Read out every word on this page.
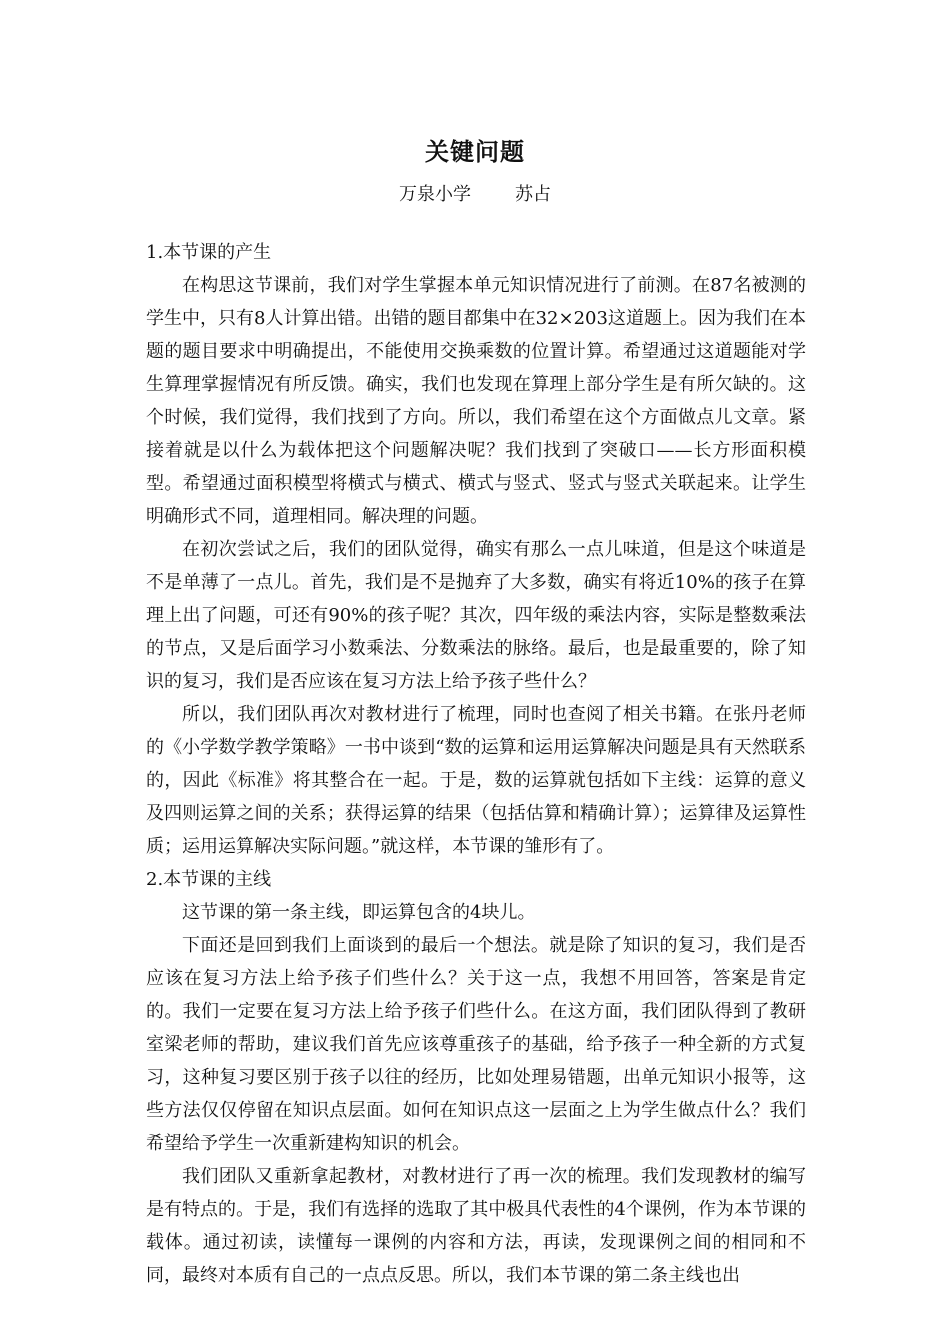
关键问题
万泉小学 苏占

1.本节课的产生

在构思这节课前，我们对学生掌握本单元知识情况进行了前测。在87名被测的学生中，只有8人计算出错。出错的题目都集中在32×203这道题上。因为我们在本题的题目要求中明确提出，不能使用交换乘数的位置计算。希望通过这道题能对学生算理掌握情况有所反馈。确实，我们也发现在算理上部分学生是有所欠缺的。这个时候，我们觉得，我们找到了方向。所以，我们希望在这个方面做点儿文章。紧接着就是以什么为载体把这个问题解决呢？我们找到了突破口——长方形面积模型。希望通过面积模型将横式与横式、横式与竖式、竖式与竖式关联起来。让学生明确形式不同，道理相同。解决理的问题。

在初次尝试之后，我们的团队觉得，确实有那么一点儿味道，但是这个味道是不是单薄了一点儿。首先，我们是不是抛弃了大多数，确实有将近10%的孩子在算理上出了问题，可还有90%的孩子呢？其次，四年级的乘法内容，实际是整数乘法的节点，又是后面学习小数乘法、分数乘法的脉络。最后，也是最重要的，除了知识的复习，我们是否应该在复习方法上给予孩子些什么？

所以，我们团队再次对教材进行了梳理，同时也查阅了相关书籍。在张丹老师的《小学数学教学策略》一书中谈到“数的运算和运用运算解决问题是具有天然联系的，因此《标准》将其整合在一起。于是，数的运算就包括如下主线：运算的意义及四则运算之间的关系；获得运算的结果（包括估算和精确计算）；运算律及运算性质；运用运算解决实际问题。”就这样，本节课的雏形有了。

2.本节课的主线

这节课的第一条主线，即运算包含的4块儿。

下面还是回到我们上面谈到的最后一个想法。就是除了知识的复习，我们是否应该在复习方法上给予孩子们些什么？关于这一点，我想不用回答，答案是肯定的。我们一定要在复习方法上给予孩子们些什么。在这方面，我们团队得到了教研室梁老师的帮助，建议我们首先应该尊重孩子的基础，给予孩子一种全新的方式复习，这种复习要区别于孩子以往的经历，比如处理易错题，出单元知识小报等，这些方法仅仅停留在知识点层面。如何在知识点这一层面之上为学生做点什么？我们希望给予学生一次重新建构知识的机会。

我们团队又重新拿起教材，对教材进行了再一次的梳理。我们发现教材的编写是有特点的。于是，我们有选择的选取了其中极具代表性的4个课例，作为本节课的载体。通过初读，读懂每一课例的内容和方法，再读，发现课例之间的相同和不同，最终对本质有自己的一点点反思。所以，我们本节课的第二条主线也出
